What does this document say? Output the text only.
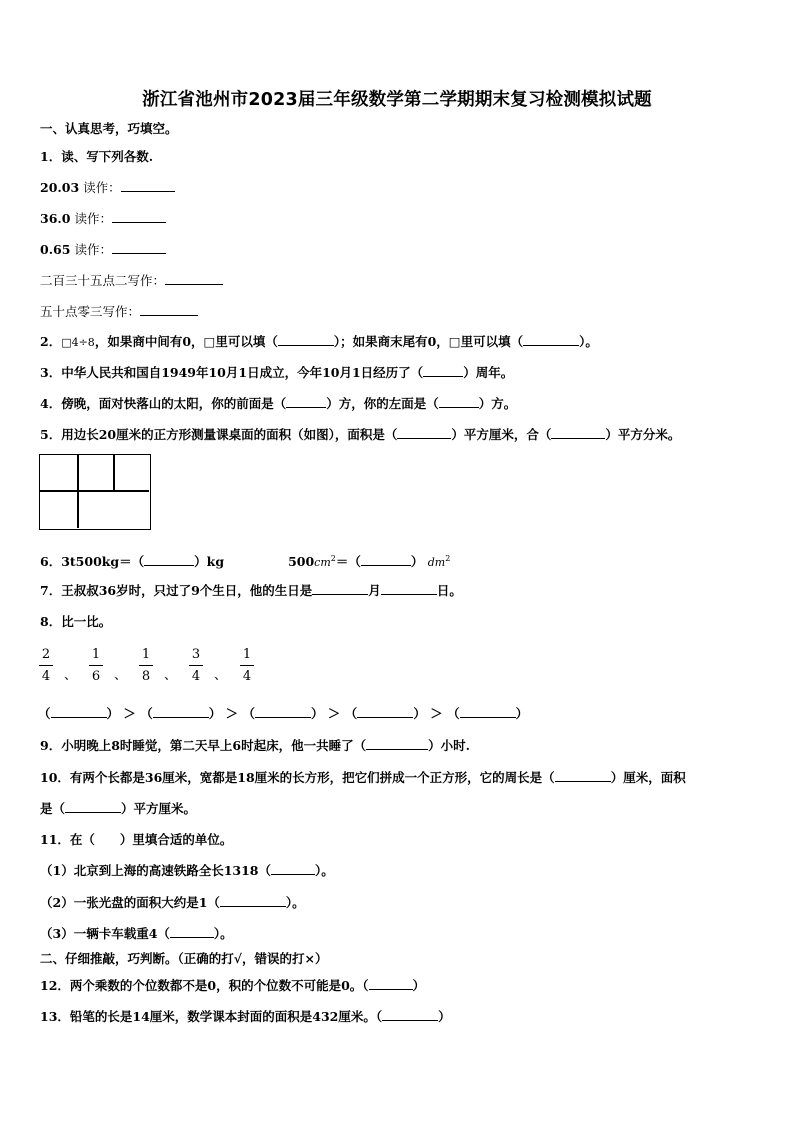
浙江省池州市2023届三年级数学第二学期期末复习检测模拟试题
一、认真思考，巧填空。
1．读、写下列各数.
20.03 读作：
36.0 读作：
0.65 读作：
二百三十五点二写作：
五十点零三写作：
2．□4÷8，如果商中间有0，□里可以填（	）；如果商末尾有0，□里可以填（	）。
3．中华人民共和国自1949年10月1日成立，今年10月1日经历了（	）周年。
4．傍晚，面对快落山的太阳，你的前面是（	）方，你的左面是（	）方。
5．用边长20厘米的正方形测量课桌面的面积（如图），面积是（	）平方厘米，合（	）平方分米。
6．3t500kg＝（	）kg	$500cm^2=$（	） $dm^2$
7．王叔叔36岁时，只过了9个生日，他的生日是	月	日。
8．比一比。
2
4 、
1
6 、
1
8 、
3
4 、
1
4
（	） ＞ （	） ＞ （	） ＞ （	） ＞ （	）
9．小明晚上8时睡觉，第二天早上6时起床，他一共睡了（	）小时.
10．有两个长都是36厘米，宽都是18厘米的长方形，把它们拼成一个正方形，它的周长是（	）厘米，面积
是（	）平方厘米。
11．在（　　）里填合适的单位。
（1）北京到上海的高速铁路全长1318（	）。
（2）一张光盘的面积大约是1（	）。
（3）一辆卡车载重4（	）。
二、仔细推敲，巧判断。（正确的打√，错误的打×）
12．两个乘数的个位数都不是0，积的个位数不可能是0。（	）
13．铅笔的长是14厘米，数学课本封面的面积是432厘米。（	）
